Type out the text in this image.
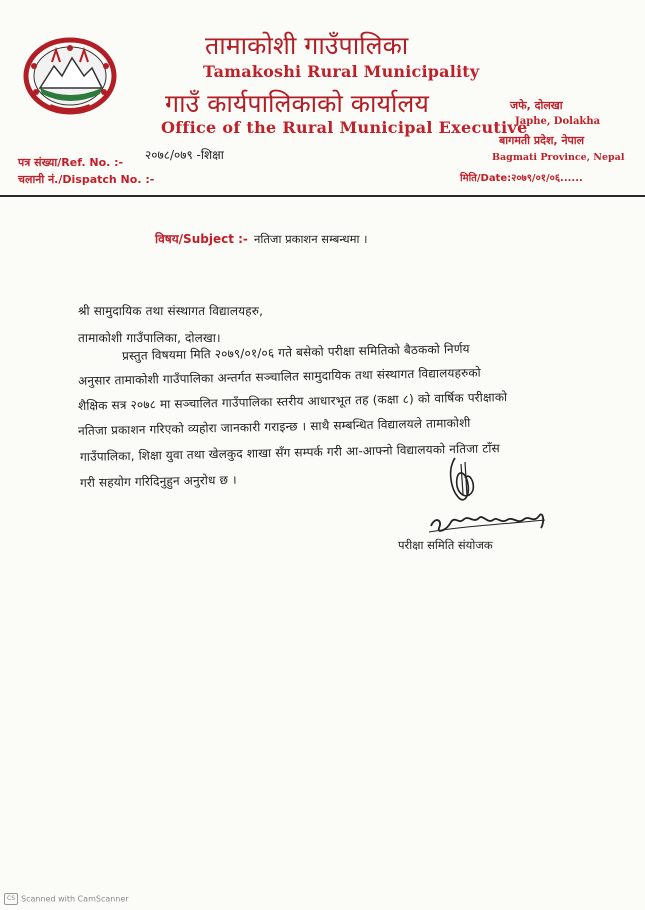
तामाकोशी गाउँपालिका
Tamakoshi Rural Municipality
गाउँ कार्यपालिकाको कार्यालय
Office of the Rural Municipal Executive
जफे, दोलखा
Japhe, Dolakha
बागमती प्रदेश, नेपाल
Bagmati Province, Nepal
पत्र संख्या/Ref. No. :-
२०७८/०७९ -शिक्षा
चलानी नं./Dispatch No. :-	मिति/Date:२०७९/०१/०६......
विषय/Subject :- नतिजा प्रकाशन सम्बन्धमा ।
श्री सामुदायिक तथा संस्थागत विद्यालयहरु,
तामाकोशी गाउँपालिका, दोलखा।
प्रस्तुत विषयमा मिति २०७९/०१/०६ गते बसेको परीक्षा समितिको बैठकको निर्णय
अनुसार तामाकोशी गाउँपालिका अन्तर्गत सञ्चालित सामुदायिक तथा संस्थागत विद्यालयहरुको
शैक्षिक सत्र २०७८ मा सञ्चालित गाउँपालिका स्तरीय आधारभूत तह (कक्षा ८) को वार्षिक परीक्षाको
नतिजा प्रकाशन गरिएको व्यहोरा जानकारी गराइन्छ । साथै सम्बन्धित विद्यालयले तामाकोशी
गाउँपालिका, शिक्षा युवा तथा खेलकुद शाखा सँग सम्पर्क गरी आ-आफ्नो विद्यालयको नतिजा टाँस
गरी सहयोग गरिदिनुहुन अनुरोध छ ।
परीक्षा समिति संयोजक
CS Scanned with CamScanner
